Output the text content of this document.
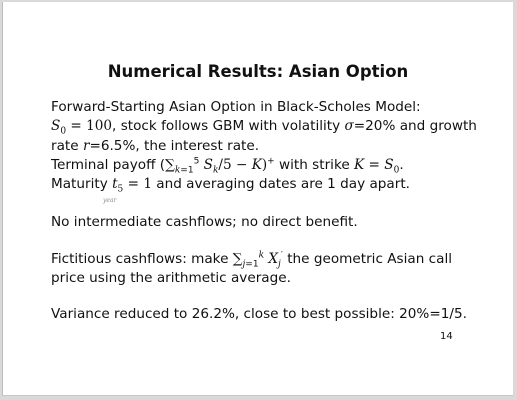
Numerical Results: Asian Option
Forward-Starting Asian Option in Black-Scholes Model:
$S_0 = 100$, stock follows GBM with volatility σ=20% and growth
rate r=6.5%, the interest rate.
Terminal payoff ($\sum_{k=1}^5$ $S_k/5 - K)^+$ with strike $K = S_0$.
Maturity $t_5 = 1$ and averaging dates are 1 day apart.
year
No intermediate cashflows; no direct benefit.
Fictitious cashflows: make $\sum_{j=1}^k$ $X_j'$ the geometric Asian call
price using the arithmetic average.
Variance reduced to 26.2%, close to best possible: 20%=1/5.
14
